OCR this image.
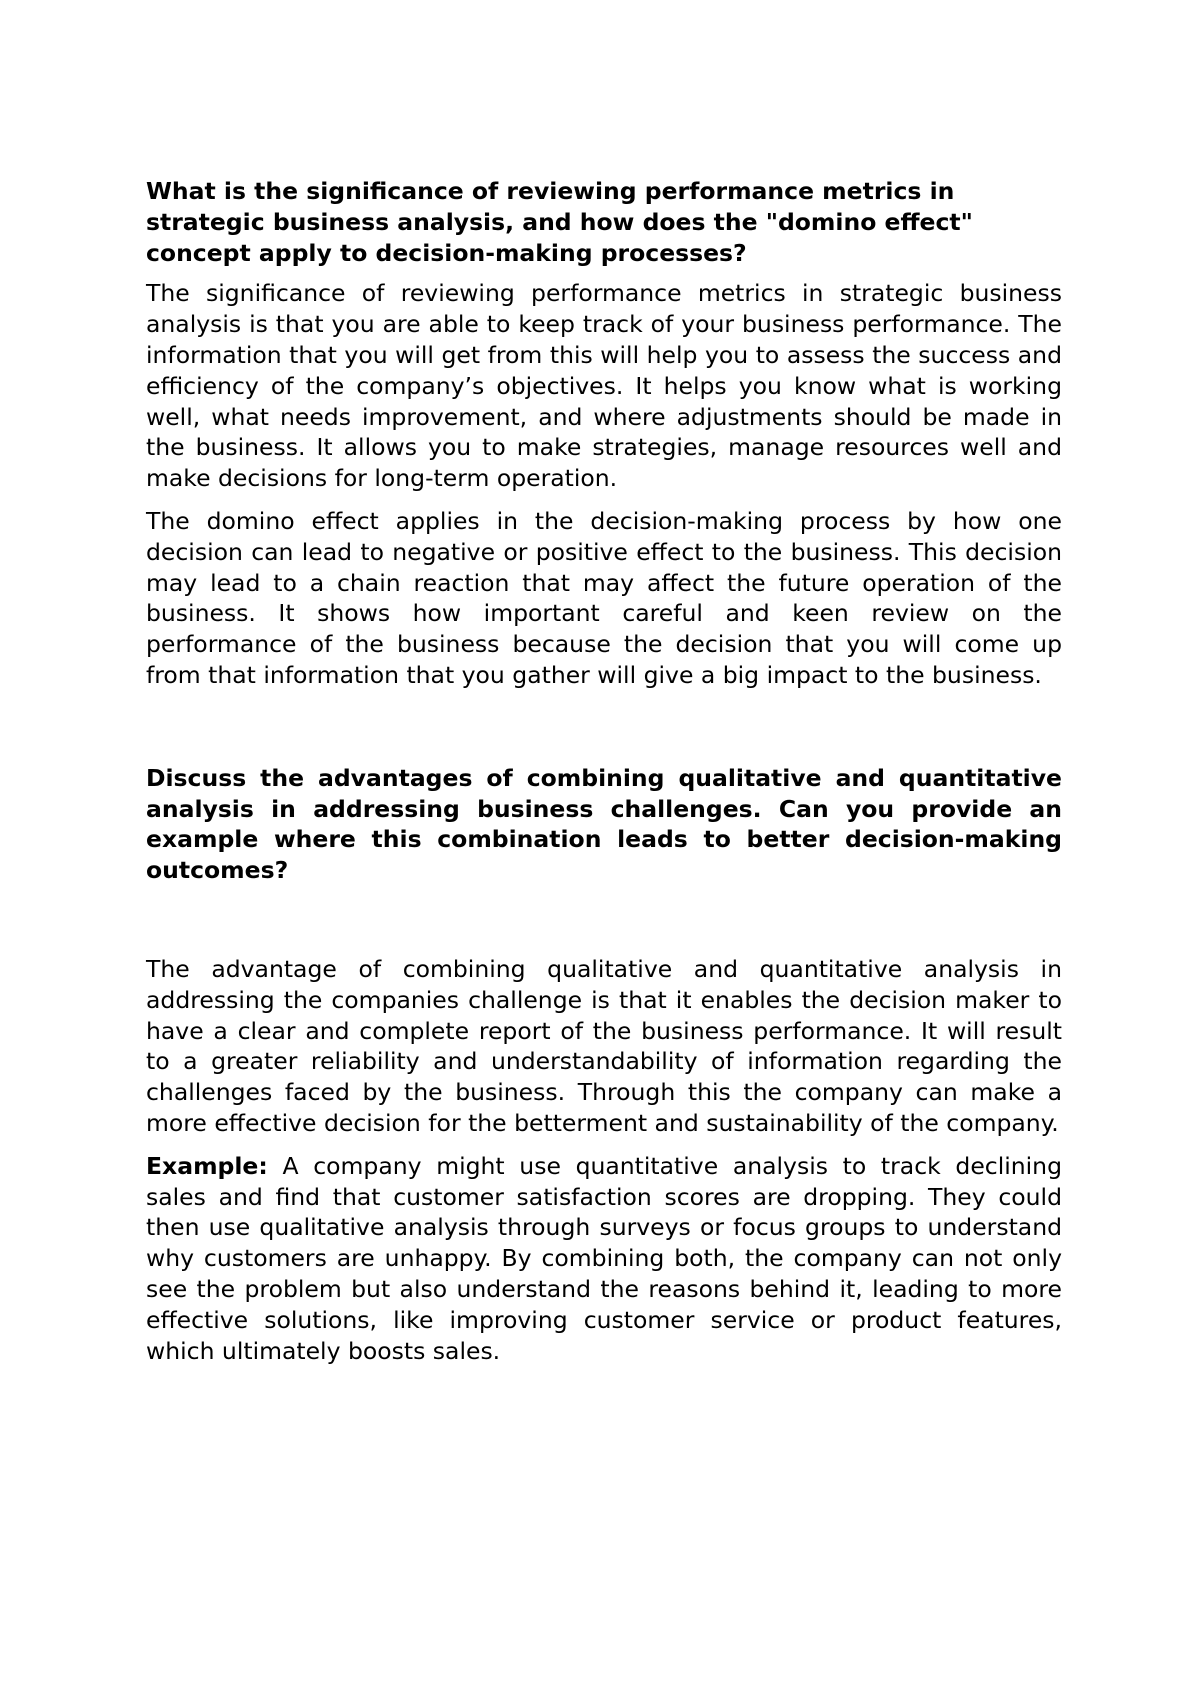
What is the significance of reviewing performance metrics in strategic business analysis, and how does the "domino effect" concept apply to decision-making processes?

The significance of reviewing performance metrics in strategic business analysis is that you are able to keep track of your business performance. The information that you will get from this will help you to assess the success and efficiency of the company’s objectives. It helps you know what is working well, what needs improvement, and where adjustments should be made in the business. It allows you to make strategies, manage resources well and make decisions for long-term operation.

The domino effect applies in the decision-making process by how one decision can lead to negative or positive effect to the business. This decision may lead to a chain reaction that may affect the future operation of the business. It shows how important careful and keen review on the performance of the business because the decision that you will come up from that information that you gather will give a big impact to the business.

Discuss the advantages of combining qualitative and quantitative analysis in addressing business challenges. Can you provide an example where this combination leads to better decision-making outcomes?

The advantage of combining qualitative and quantitative analysis in addressing the companies challenge is that it enables the decision maker to have a clear and complete report of the business performance. It will result to a greater reliability and understandability of information regarding the challenges faced by the business. Through this the company can make a more effective decision for the betterment and sustainability of the company.

Example: A company might use quantitative analysis to track declining sales and find that customer satisfaction scores are dropping. They could then use qualitative analysis through surveys or focus groups to understand why customers are unhappy. By combining both, the company can not only see the problem but also understand the reasons behind it, leading to more effective solutions, like improving customer service or product features, which ultimately boosts sales.
